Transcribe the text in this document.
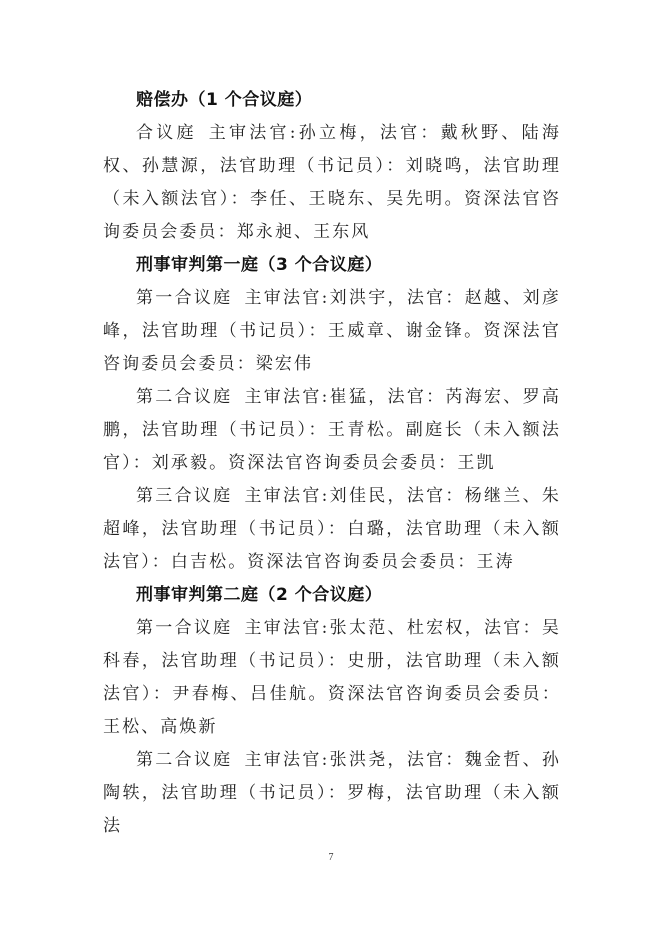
赔偿办（1 个合议庭）
合议庭 主审法官:孙立梅，法官：戴秋野、陆海权、孙慧源，法官助理（书记员）：刘晓鸣，法官助理（未入额法官）：李任、王晓东、吴先明。资深法官咨询委员会委员：郑永昶、王东风
刑事审判第一庭（3 个合议庭）
第一合议庭 主审法官:刘洪宇，法官：赵越、刘彦峰，法官助理（书记员）：王威章、谢金锋。资深法官咨询委员会委员：梁宏伟
第二合议庭 主审法官:崔猛，法官：芮海宏、罗高鹏，法官助理（书记员）：王青松。副庭长（未入额法官）：刘承毅。资深法官咨询委员会委员：王凯
第三合议庭 主审法官:刘佳民，法官：杨继兰、朱超峰，法官助理（书记员）：白璐，法官助理（未入额法官）：白吉松。资深法官咨询委员会委员：王涛
刑事审判第二庭（2 个合议庭）
第一合议庭 主审法官:张太范、杜宏权，法官：吴科春，法官助理（书记员）：史册，法官助理（未入额法官）：尹春梅、吕佳航。资深法官咨询委员会委员：王松、高焕新
第二合议庭 主审法官:张洪尧，法官：魏金哲、孙陶轶，法官助理（书记员）：罗梅，法官助理（未入额法
7
